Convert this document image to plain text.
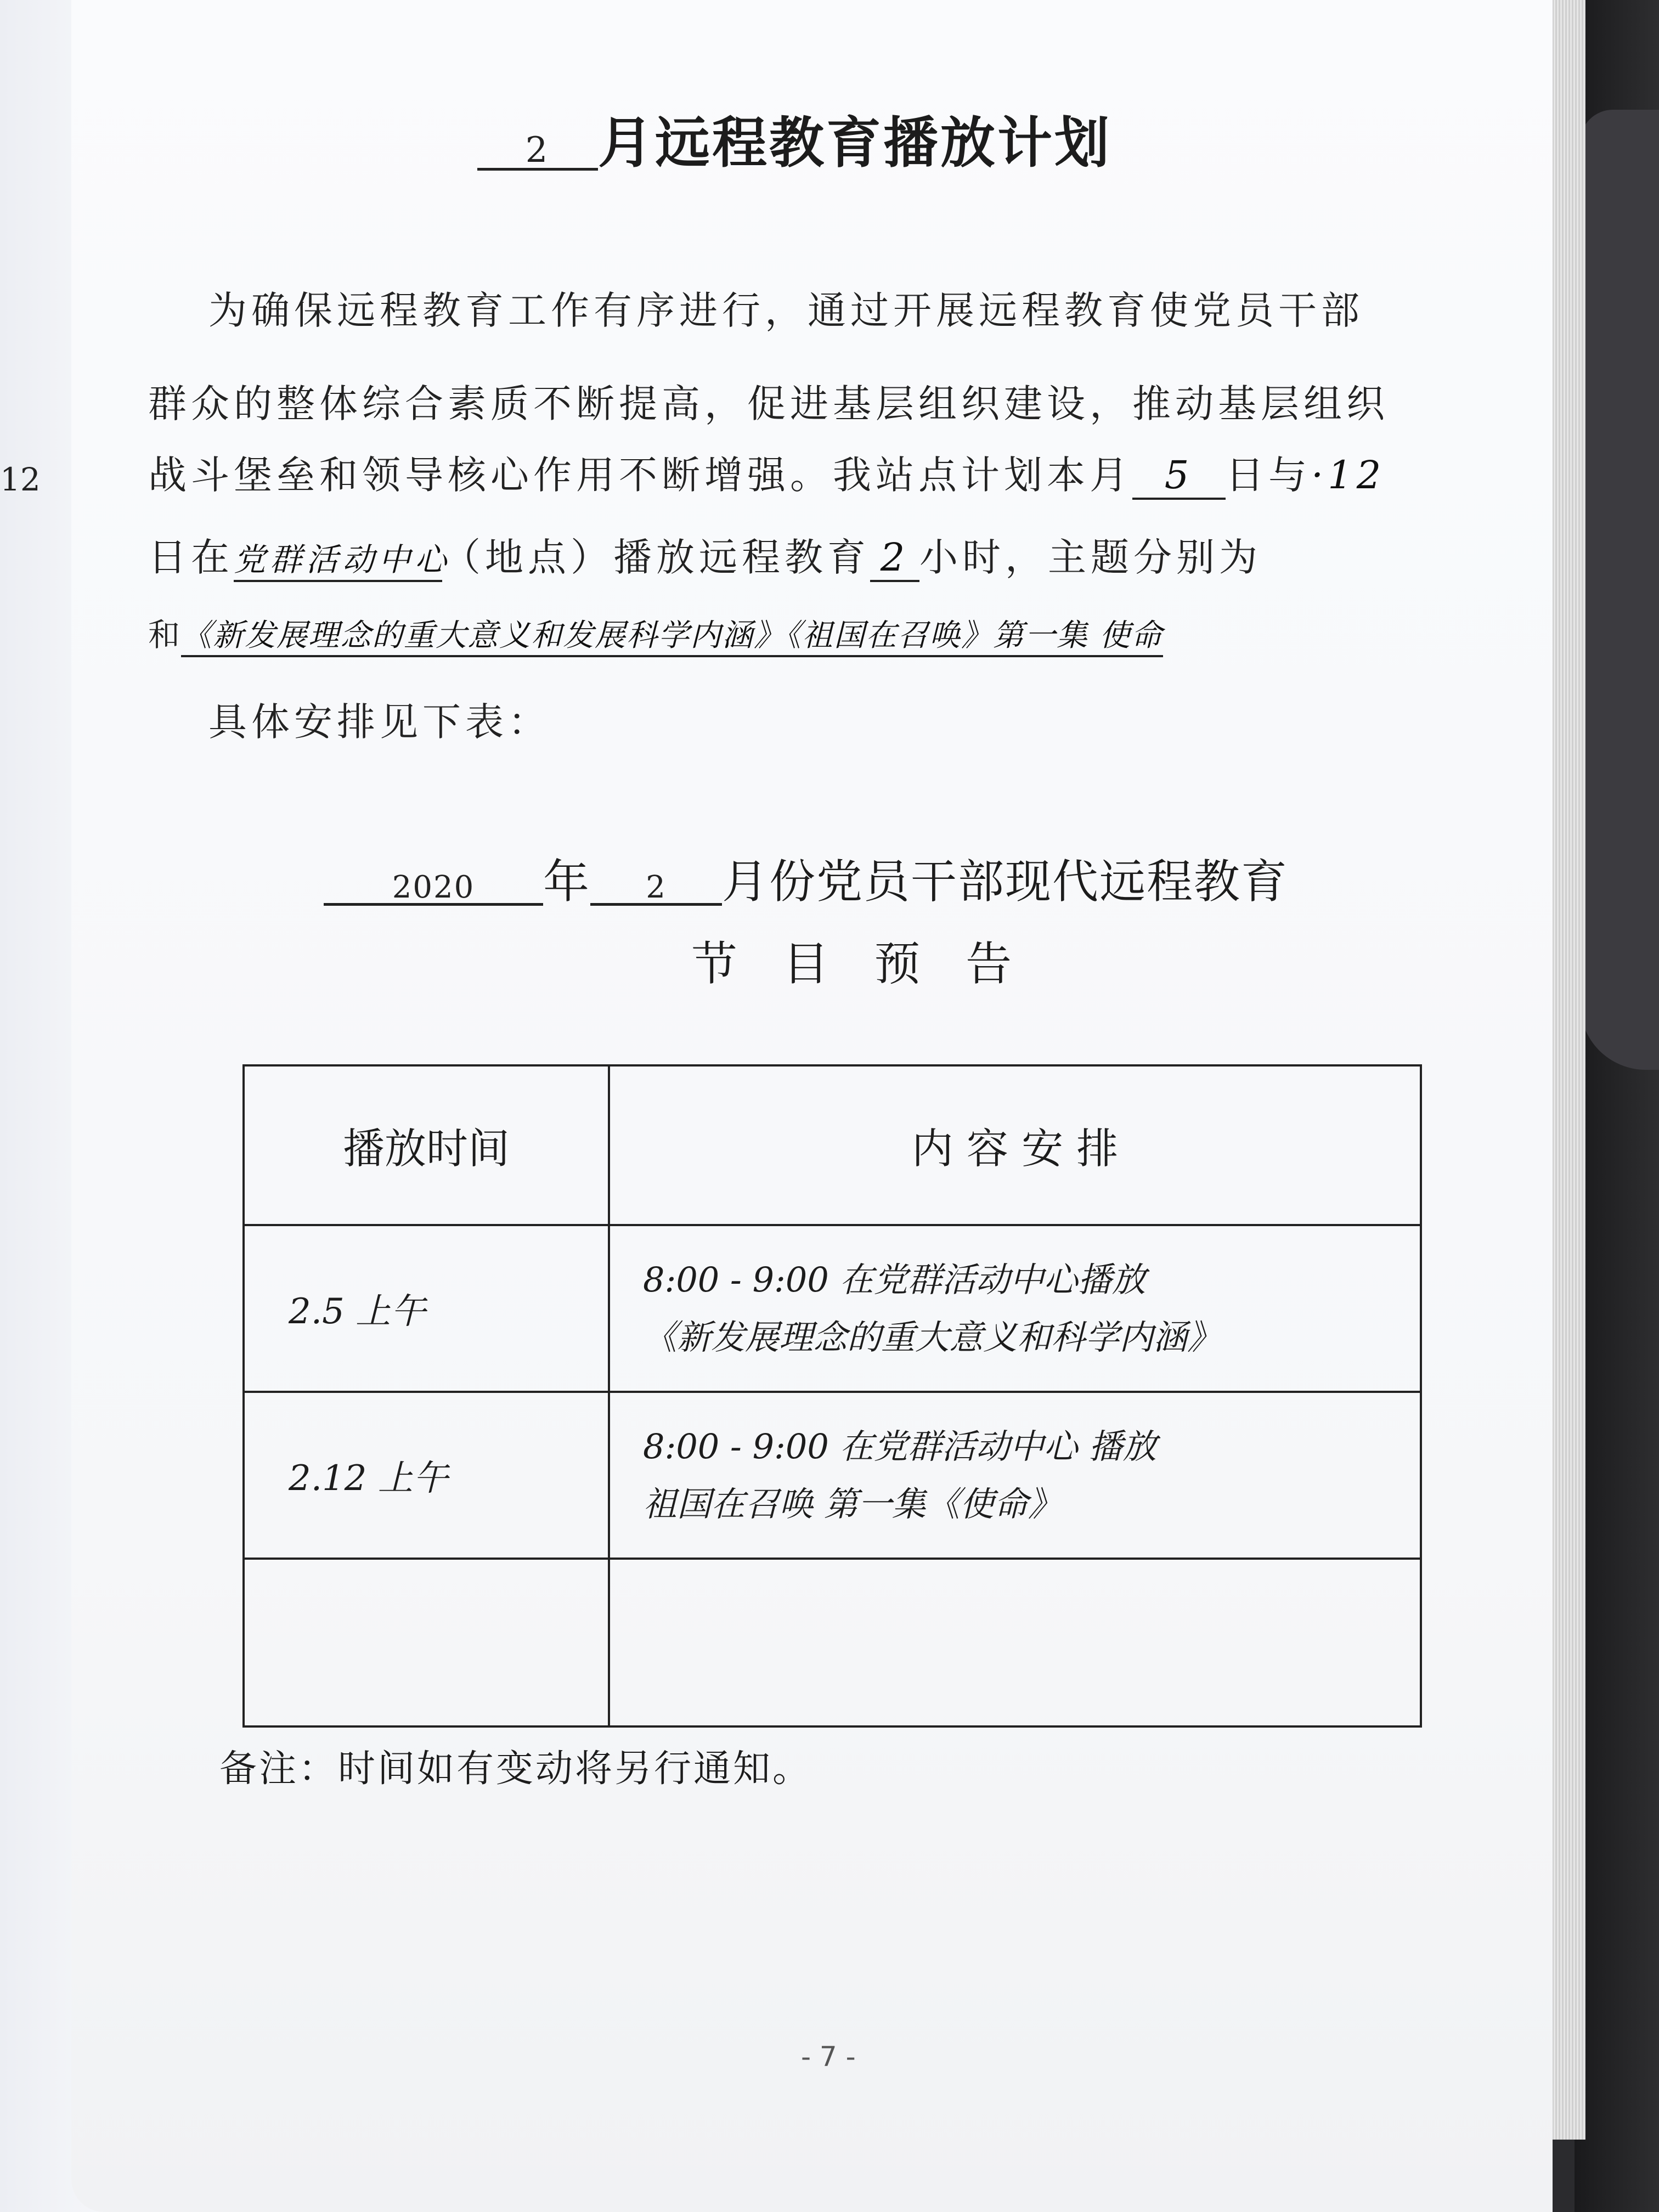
12
2 月远程教育播放计划
为确保远程教育工作有序进行，通过开展远程教育使党员干部
群众的整体综合素质不断提高，促进基层组织建设，推动基层组织
战斗堡垒和领导核心作用不断增强。我站点计划本月 5 日与·12
日在党群活动中心（地点）播放远程教育 2 小时，主题分别为
和《新发展理念的重大意义和发展科学内涵》《祖国在召唤》第一集 使命
具体安排见下表：
2020 年 2 月份党员干部现代远程教育
节 目 预 告
播放时间	内 容 安 排
2.5 上午	8:00 - 9:00 在党群活动中心播放
《新发展理念的重大意义和科学内涵》

2.12 上午	8:00 - 9:00 在党群活动中心 播放
祖国在召唤 第一集《使命》

备注：时间如有变动将另行通知。
- 7 -
